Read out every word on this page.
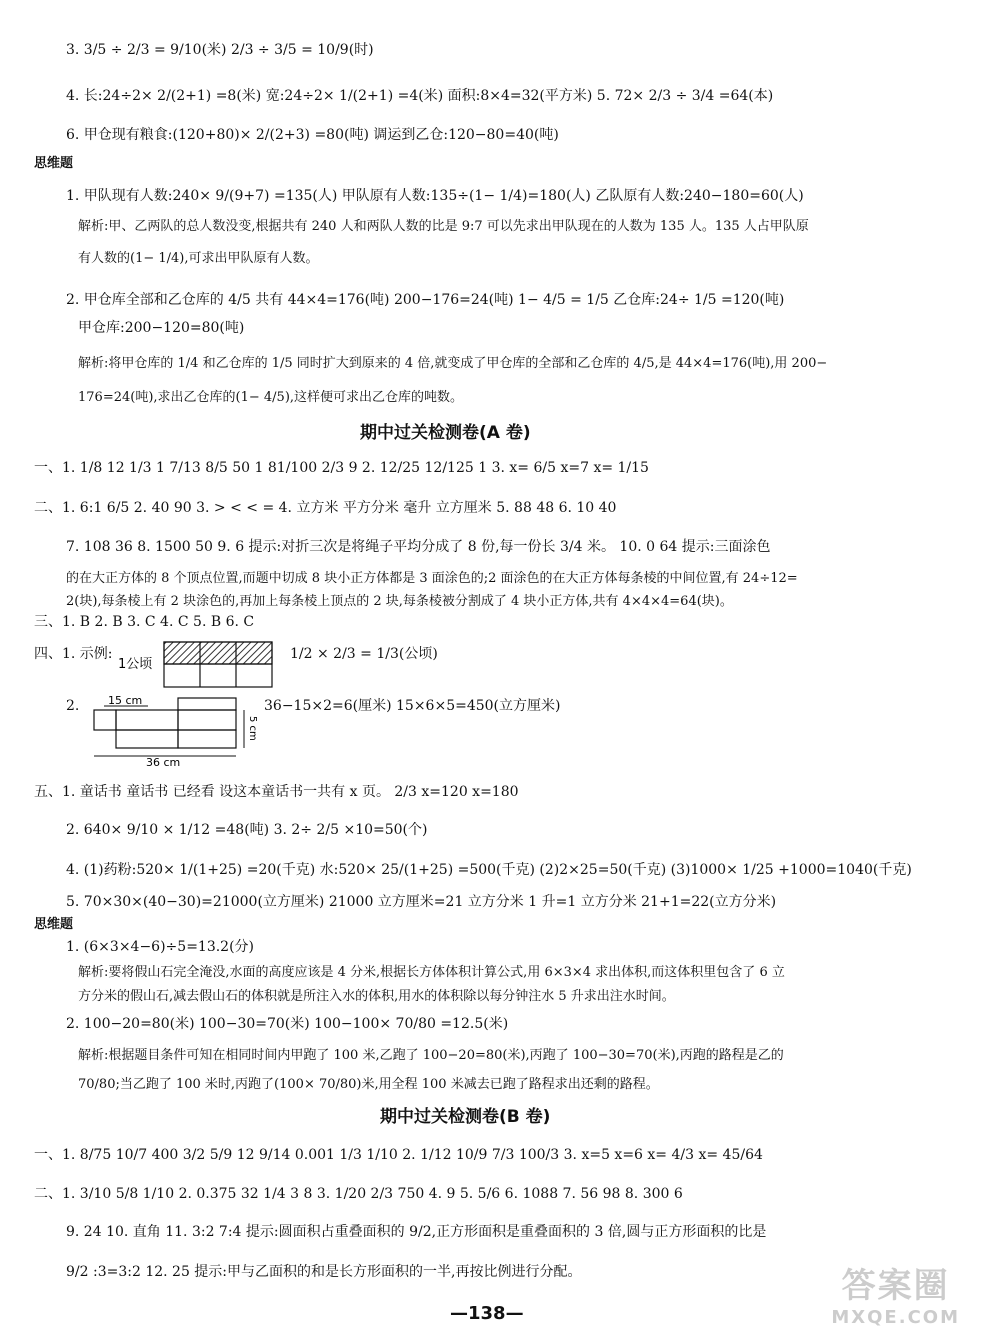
3. 3/5 ÷ 2/3 = 9/10(米) 2/3 ÷ 3/5 = 10/9(时)
4. 长:24÷2× 2/(2+1) =8(米) 宽:24÷2× 1/(2+1) =4(米) 面积:8×4=32(平方米) 5. 72× 2/3 ÷ 3/4 =64(本)
6. 甲仓现有粮食:(120+80)× 2/(2+3) =80(吨) 调运到乙仓:120−80=40(吨)
思维题
1. 甲队现有人数:240× 9/(9+7) =135(人) 甲队原有人数:135÷(1− 1/4)=180(人) 乙队原有人数:240−180=60(人)
解析:甲、乙两队的总人数没变,根据共有 240 人和两队人数的比是 9:7 可以先求出甲队现在的人数为 135 人。135 人占甲队原
有人数的(1− 1/4),可求出甲队原有人数。
2. 甲仓库全部和乙仓库的 4/5 共有 44×4=176(吨) 200−176=24(吨) 1− 4/5 = 1/5 乙仓库:24÷ 1/5 =120(吨)
甲仓库:200−120=80(吨)
解析:将甲仓库的 1/4 和乙仓库的 1/5 同时扩大到原来的 4 倍,就变成了甲仓库的全部和乙仓库的 4/5,是 44×4=176(吨),用 200−
176=24(吨),求出乙仓库的(1− 4/5),这样便可求出乙仓库的吨数。
期中过关检测卷(A 卷)
一、1. 1/8 12 1/3 1 7/13 8/5 50 1 81/100 2/3 9 2. 12/25 12/125 1 3. x= 6/5 x=7 x= 1/15
二、1. 6:1 6/5 2. 40 90 3. > < < = 4. 立方米 平方分米 毫升 立方厘米 5. 88 48 6. 10 40
7. 108 36 8. 1500 50 9. 6 提示:对折三次是将绳子平均分成了 8 份,每一份长 3/4 米。 10. 0 64 提示:三面涂色
的在大正方体的 8 个顶点位置,而题中切成 8 块小正方体都是 3 面涂色的;2 面涂色的在大正方体每条棱的中间位置,有 24÷12=
2(块),每条棱上有 2 块涂色的,再加上每条棱上顶点的 2 块,每条棱被分割成了 4 块小正方体,共有 4×4×4=64(块)。
三、1. B 2. B 3. C 4. C 5. B 6. C
四、1. 示例:
1公顷
1/2 × 2/3 = 1/3(公顷)
2.	15 cm
36 cm
5 cm
36−15×2=6(厘米) 15×6×5=450(立方厘米)
五、1. 童话书 童话书 已经看 设这本童话书一共有 x 页。 2/3 x=120 x=180
2. 640× 9/10 × 1/12 =48(吨) 3. 2÷ 2/5 ×10=50(个)
4. (1)药粉:520× 1/(1+25) =20(千克) 水:520× 25/(1+25) =500(千克) (2)2×25=50(千克) (3)1000× 1/25 +1000=1040(千克)
5. 70×30×(40−30)=21000(立方厘米) 21000 立方厘米=21 立方分米 1 升=1 立方分米 21+1=22(立方分米)
思维题
1. (6×3×4−6)÷5=13.2(分)
解析:要将假山石完全淹没,水面的高度应该是 4 分米,根据长方体体积计算公式,用 6×3×4 求出体积,而这体积里包含了 6 立
方分米的假山石,减去假山石的体积就是所注入水的体积,用水的体积除以每分钟注水 5 升求出注水时间。
2. 100−20=80(米) 100−30=70(米) 100−100× 70/80 =12.5(米)
解析:根据题目条件可知在相同时间内甲跑了 100 米,乙跑了 100−20=80(米),丙跑了 100−30=70(米),丙跑的路程是乙的
70/80;当乙跑了 100 米时,丙跑了(100× 70/80)米,用全程 100 米减去已跑了路程求出还剩的路程。
期中过关检测卷(B 卷)
一、1. 8/75 10/7 400 3/2 5/9 12 9/14 0.001 1/3 1/10 2. 1/12 10/9 7/3 100/3 3. x=5 x=6 x= 4/3 x= 45/64
二、1. 3/10 5/8 1/10 2. 0.375 32 1/4 3 8 3. 1/20 2/3 750 4. 9 5. 5/6 6. 1088 7. 56 98 8. 300 6
9. 24 10. 直角 11. 3:2 7:4 提示:圆面积占重叠面积的 9/2,正方形面积是重叠面积的 3 倍,圆与正方形面积的比是
9/2 :3=3:2 12. 25 提示:甲与乙面积的和是长方形面积的一半,再按比例进行分配。
—138—
答案圈
MXQE.COM
